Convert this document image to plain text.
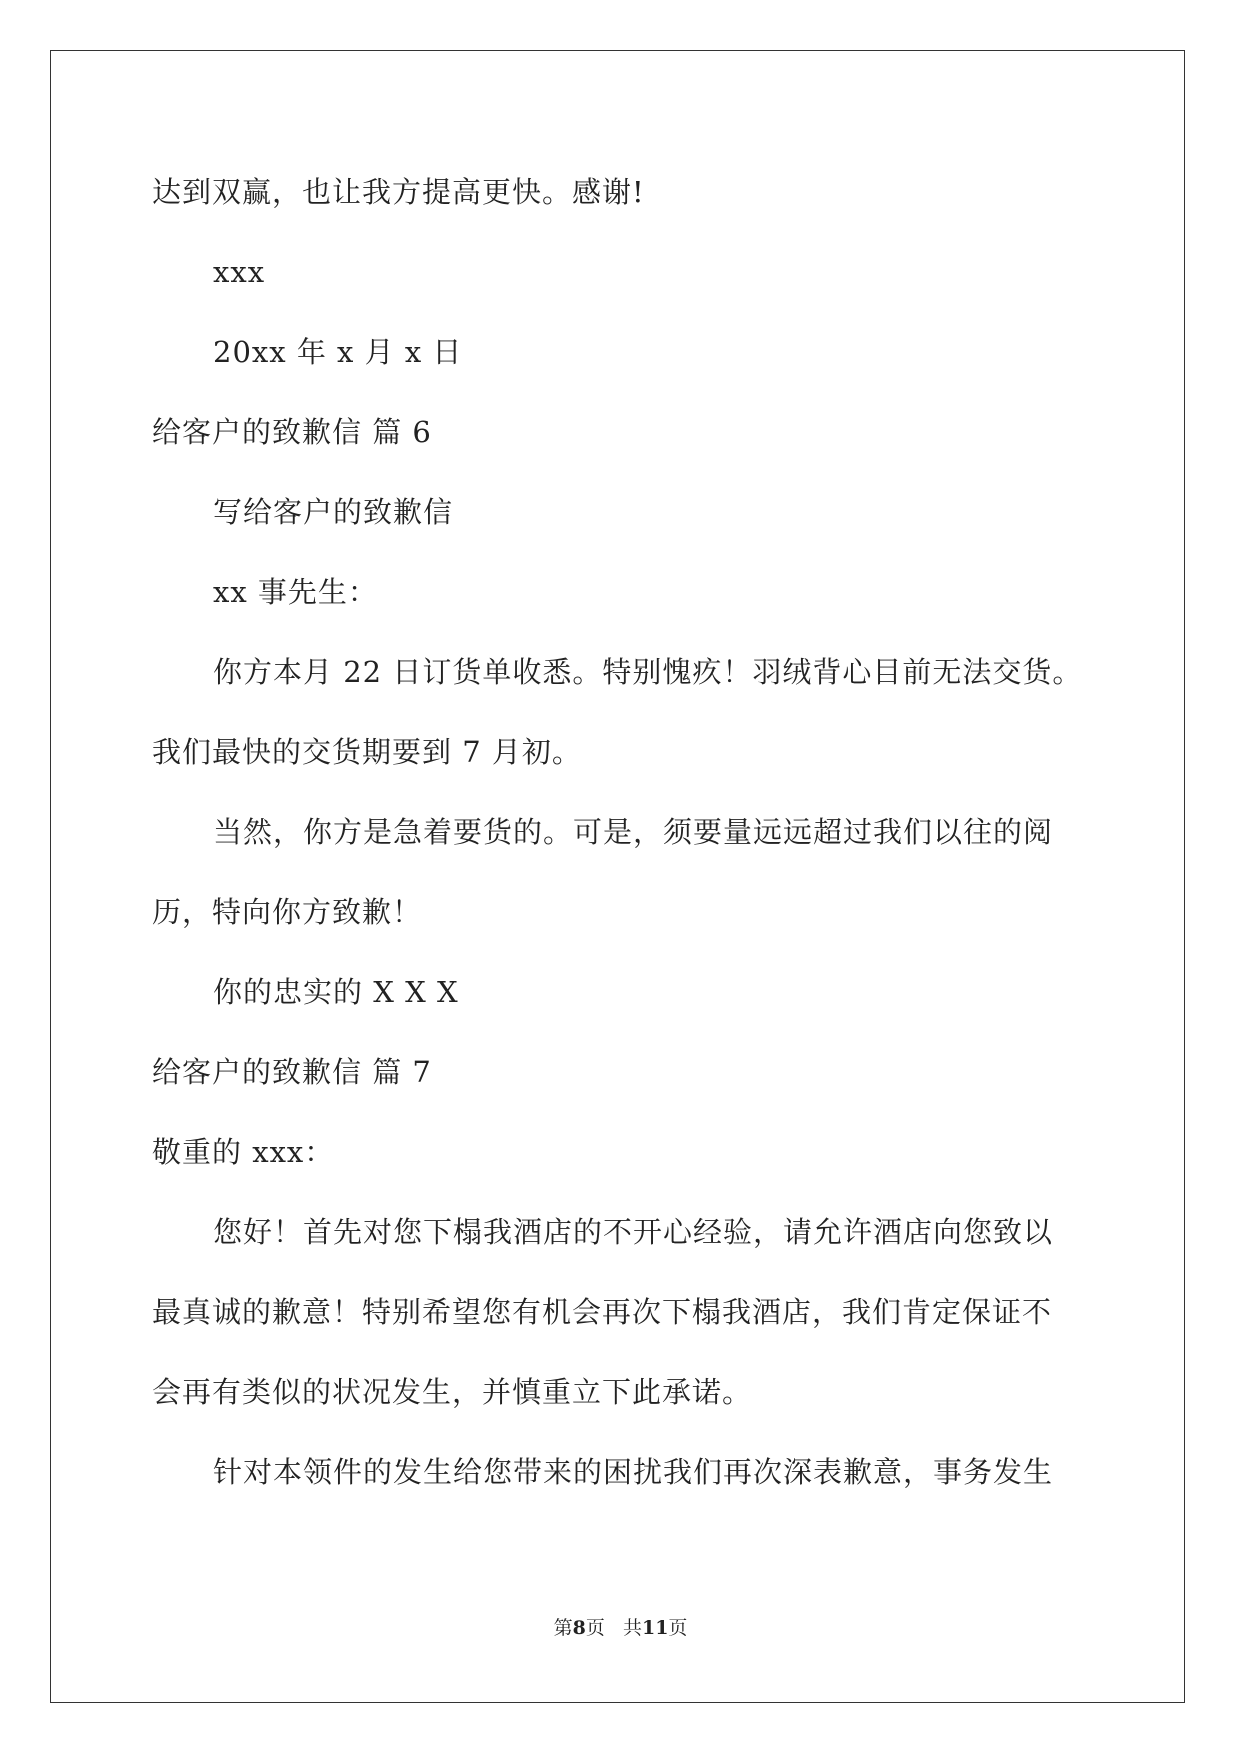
达到双赢，也让我方提高更快。感谢!
xxx
20xx 年 x 月 x 日
给客户的致歉信 篇 6
写给客户的致歉信
xx 事先生：
你方本月 22 日订货单收悉。特别愧疚！羽绒背心目前无法交货。
我们最快的交货期要到 7 月初。
当然，你方是急着要货的。可是，须要量远远超过我们以往的阅
历，特向你方致歉！
你的忠实的 X X X
给客户的致歉信 篇 7
敬重的 xxx：
您好！首先对您下榻我酒店的不开心经验，请允许酒店向您致以
最真诚的歉意！特别希望您有机会再次下榻我酒店，我们肯定保证不
会再有类似的状况发生，并慎重立下此承诺。
针对本领件的发生给您带来的困扰我们再次深表歉意，事务发生
第8页 共11页
